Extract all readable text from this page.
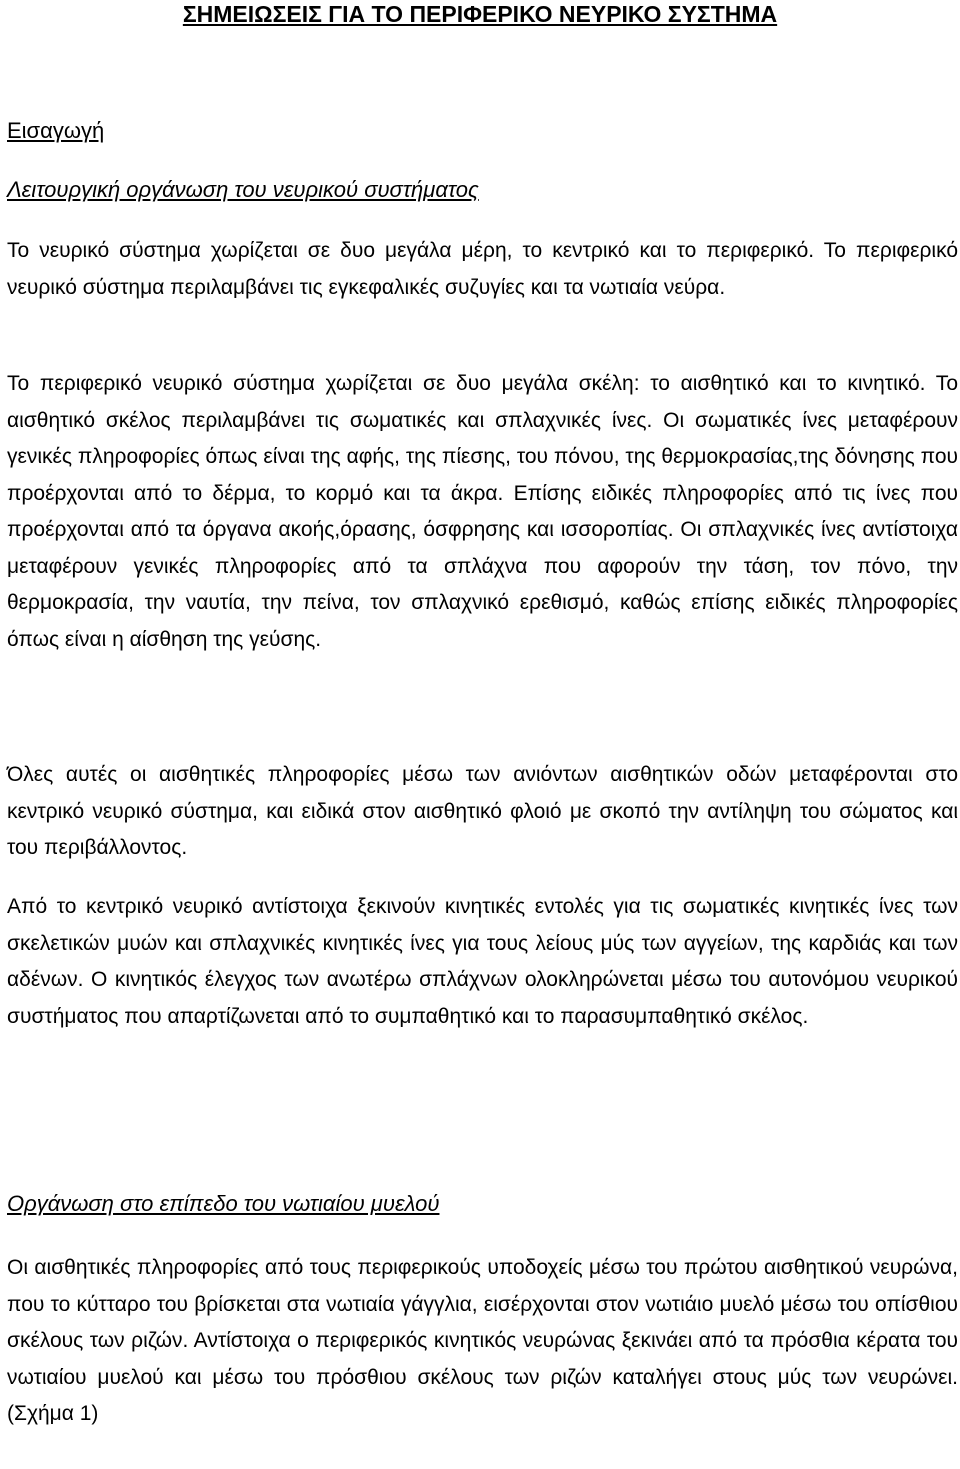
ΣΗΜΕΙΩΣΕΙΣ ΓΙΑ ΤΟ ΠΕΡΙΦΕΡΙΚΟ ΝΕΥΡΙΚΟ ΣΥΣΤΗΜΑ
Εισαγωγή
Λειτουργική οργάνωση του νευρικού συστήματος

Το νευρικό σύστημα χωρίζεται σε δυο μεγάλα μέρη, το κεντρικό και το περιφερικό. Το περιφερικό νευρικό σύστημα περιλαμβάνει τις εγκεφαλικές συζυγίες και τα νωτιαία νεύρα.

Το περιφερικό νευρικό σύστημα χωρίζεται σε δυο μεγάλα σκέλη: το αισθητικό και το κινητικό. Το αισθητικό σκέλος περιλαμβάνει τις σωματικές και σπλαχνικές ίνες. Οι σωματικές ίνες μεταφέρουν γενικές πληροφορίες όπως είναι της αφής, της πίεσης, του πόνου, της θερμοκρασίας,της δόνησης που προέρχονται από το δέρμα, το κορμό και τα άκρα. Επίσης ειδικές πληροφορίες από τις ίνες που προέρχονται από τα όργανα ακοής,όρασης, όσφρησης και ισσοροπίας. Οι σπλαχνικές ίνες αντίστοιχα μεταφέρουν γενικές πληροφορίες από τα σπλάχνα που αφορούν την τάση, τον πόνο, την θερμοκρασία, την ναυτία, την πείνα, τον σπλαχνικό ερεθισμό, καθώς επίσης ειδικές πληροφορίες όπως είναι η αίσθηση της γεύσης.

Όλες αυτές οι αισθητικές πληροφορίες μέσω των ανιόντων αισθητικών οδών μεταφέρονται στο κεντρικό νευρικό σύστημα, και ειδικά στον αισθητικό φλοιό με σκοπό την αντίληψη του σώματος και του περιβάλλοντος.

Από το κεντρικό νευρικό αντίστοιχα ξεκινούν κινητικές εντολές για τις σωματικές κινητικές ίνες των σκελετικών μυών και σπλαχνικές κινητικές ίνες για τους λείους μύς των αγγείων, της καρδιάς και των αδένων. Ο κινητικός έλεγχος των ανωτέρω σπλάχνων ολοκληρώνεται μέσω του αυτονόμου νευρικού συστήματος που απαρτίζωνεται από το συμπαθητικό και το παρασυμπαθητικό σκέλος.

Οργάνωση στο επίπεδο του νωτιαίου μυελού

Οι αισθητικές πληροφορίες από τους περιφερικούς υποδοχείς μέσω του πρώτου αισθητικού νευρώνα, που το κύτταρο του βρίσκεται στα νωτιαία γάγγλια, εισέρχονται στον νωτιάιο μυελό μέσω του οπίσθιου σκέλους των ριζών. Αντίστοιχα ο περιφερικός κινητικός νευρώνας ξεκινάει από τα πρόσθια κέρατα του νωτιαίου μυελού και μέσω του πρόσθιου σκέλους των ριζών καταλήγει στους μύς των νευρώνει. (Σχήμα 1)
